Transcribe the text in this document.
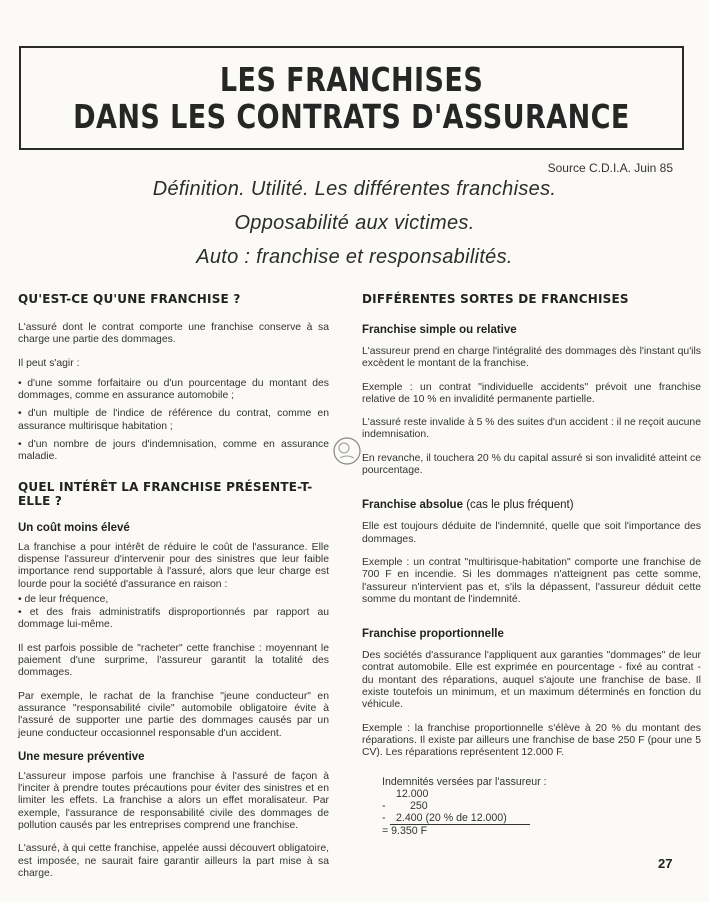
LES FRANCHISES
DANS LES CONTRATS D'ASSURANCE
Source C.D.I.A. Juin 85
Définition. Utilité. Les différentes franchises.
Opposabilité aux victimes.
Auto : franchise et responsabilités.
QU'EST-CE QU'UNE FRANCHISE ?

L'assuré dont le contrat comporte une franchise conserve à sa charge une partie des dommages.

Il peut s'agir :

• d'une somme forfaitaire ou d'un pourcentage du montant des dommages, comme en assurance automobile ;

• d'un multiple de l'indice de référence du contrat, comme en assurance multirisque habitation ;

• d'un nombre de jours d'indemnisation, comme en assurance maladie.

QUEL INTÉRÊT LA FRANCHISE PRÉSENTE-T-ELLE ?
Un coût moins élevé

La franchise a pour intérêt de réduire le coût de l'assurance. Elle dispense l'assureur d'intervenir pour des sinistres que leur faible importance rend supportable à l'assuré, alors que leur charge est lourde pour la société d'assurance en raison :

• de leur fréquence,

• et des frais administratifs disproportionnés par rapport au dommage lui-même.

Il est parfois possible de "racheter" cette franchise : moyennant le paiement d'une surprime, l'assureur garantit la totalité des dommages.

Par exemple, le rachat de la franchise "jeune conducteur" en assurance "responsabilité civile" automobile obligatoire évite à l'assuré de supporter une partie des dommages causés par un jeune conducteur occasionnel responsable d'un accident.

Une mesure préventive

L'assureur impose parfois une franchise à l'assuré de façon à l'inciter à prendre toutes précautions pour éviter des sinistres et en limiter les effets. La franchise a alors un effet moralisateur. Par exemple, l'assurance de responsabilité civile des dommages de pollution causés par les entreprises comprend une franchise.

L'assuré, à qui cette franchise, appelée aussi découvert obligatoire, est imposée, ne saurait faire garantir ailleurs la part mise à sa charge.

DIFFÉRENTES SORTES DE FRANCHISES
Franchise simple ou relative

L'assureur prend en charge l'intégralité des dommages dès l'instant qu'ils excèdent le montant de la franchise.

Exemple : un contrat "individuelle accidents" prévoit une franchise relative de 10 % en invalidité permanente partielle.

L'assuré reste invalide à 5 % des suites d'un accident : il ne reçoit aucune indemnisation.

En revanche, il touchera 20 % du capital assuré si son invalidité atteint ce pourcentage.

Franchise absolue (cas le plus fréquent)

Elle est toujours déduite de l'indemnité, quelle que soit l'importance des dommages.

Exemple : un contrat "multirisque-habitation" comporte une franchise de 700 F en incendie. Si les dommages n'atteignent pas cette somme, l'assureur n'intervient pas et, s'ils la dépassent, l'assureur déduit cette somme du montant de l'indemnité.

Franchise proportionnelle

Des sociétés d'assurance l'appliquent aux garanties "dommages" de leur contrat automobile. Elle est exprimée en pourcentage - fixé au contrat - du montant des réparations, auquel s'ajoute une franchise de base. Il existe toutefois un minimum, et un maximum déterminés en fonction du véhicule.

Exemple : la franchise proportionnelle s'élève à 20 % du montant des réparations. Il existe par ailleurs une franchise de base 250 F (pour une 5 CV). Les réparations représentent 12.000 F.

Indemnités versées par l'assureur :
12.000
-	250
- 2.400 (20 % de 12.000)
= 9.350 F
27
